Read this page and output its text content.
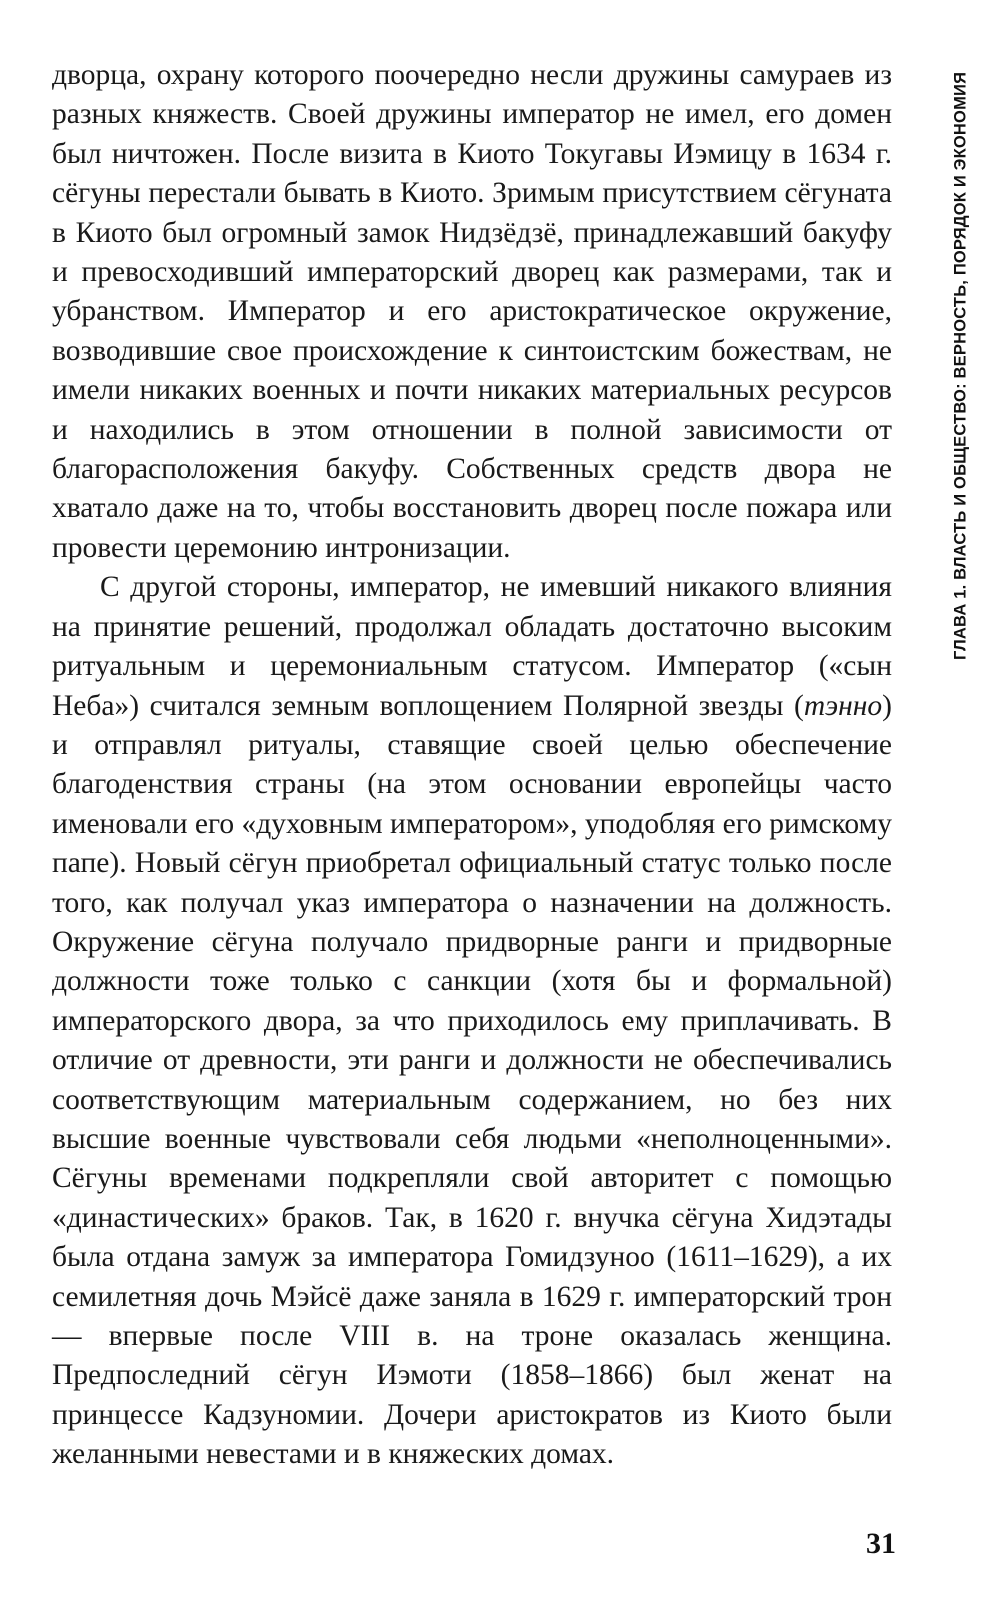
ГЛАВА 1. ВЛАСТЬ И ОБЩЕСТВО: ВЕРНОСТЬ, ПОРЯДОК И ЭКОНОМИЯ

дворца, охрану которого поочередно несли дружины самураев из разных княжеств. Своей дружины император не имел, его домен был ничтожен. После визита в Киото Токугавы Иэмицу в 1634 г. сёгуны перестали бывать в Киото. Зримым присутствием сёгуната в Киото был огромный замок Нидзёдзё, принадлежавший бакуфу и превосходивший императорский дворец как размерами, так и убранством. Император и его аристократическое окружение, возводившие свое происхождение к синтоистским божествам, не имели никаких военных и почти никаких материальных ресурсов и находились в этом отношении в полной зависимости от благорасположения бакуфу. Собственных средств двора не хватало даже на то, чтобы восстановить дворец после пожара или провести церемонию интронизации.

С другой стороны, император, не имевший никакого влияния на принятие решений, продолжал обладать достаточно высоким ритуальным и церемониальным статусом. Император («сын Неба») считался земным воплощением Полярной звезды (тэнно) и отправлял ритуалы, ставящие своей целью обеспечение благоденствия страны (на этом основании европейцы часто именовали его «духовным императором», уподобляя его римскому папе). Новый сёгун приобретал официальный статус только после того, как получал указ императора о назначении на должность. Окружение сёгуна получало придворные ранги и придворные должности тоже только с санкции (хотя бы и формальной) императорского двора, за что приходилось ему приплачивать. В отличие от древности, эти ранги и должности не обеспечивались соответствующим материальным содержанием, но без них высшие военные чувствовали себя людьми «неполноценными». Сёгуны временами подкрепляли свой авторитет с помощью «династических» браков. Так, в 1620 г. внучка сёгуна Хидэтады была отдана замуж за императора Гомидзуноо (1611–1629), а их семилетняя дочь Мэйсё даже заняла в 1629 г. императорский трон — впервые после VIII в. на троне оказалась женщина. Предпоследний сёгун Иэмоти (1858–1866) был женат на принцессе Кадзуномии. Дочери аристократов из Киото были желанными невестами и в княжеских домах.

31
